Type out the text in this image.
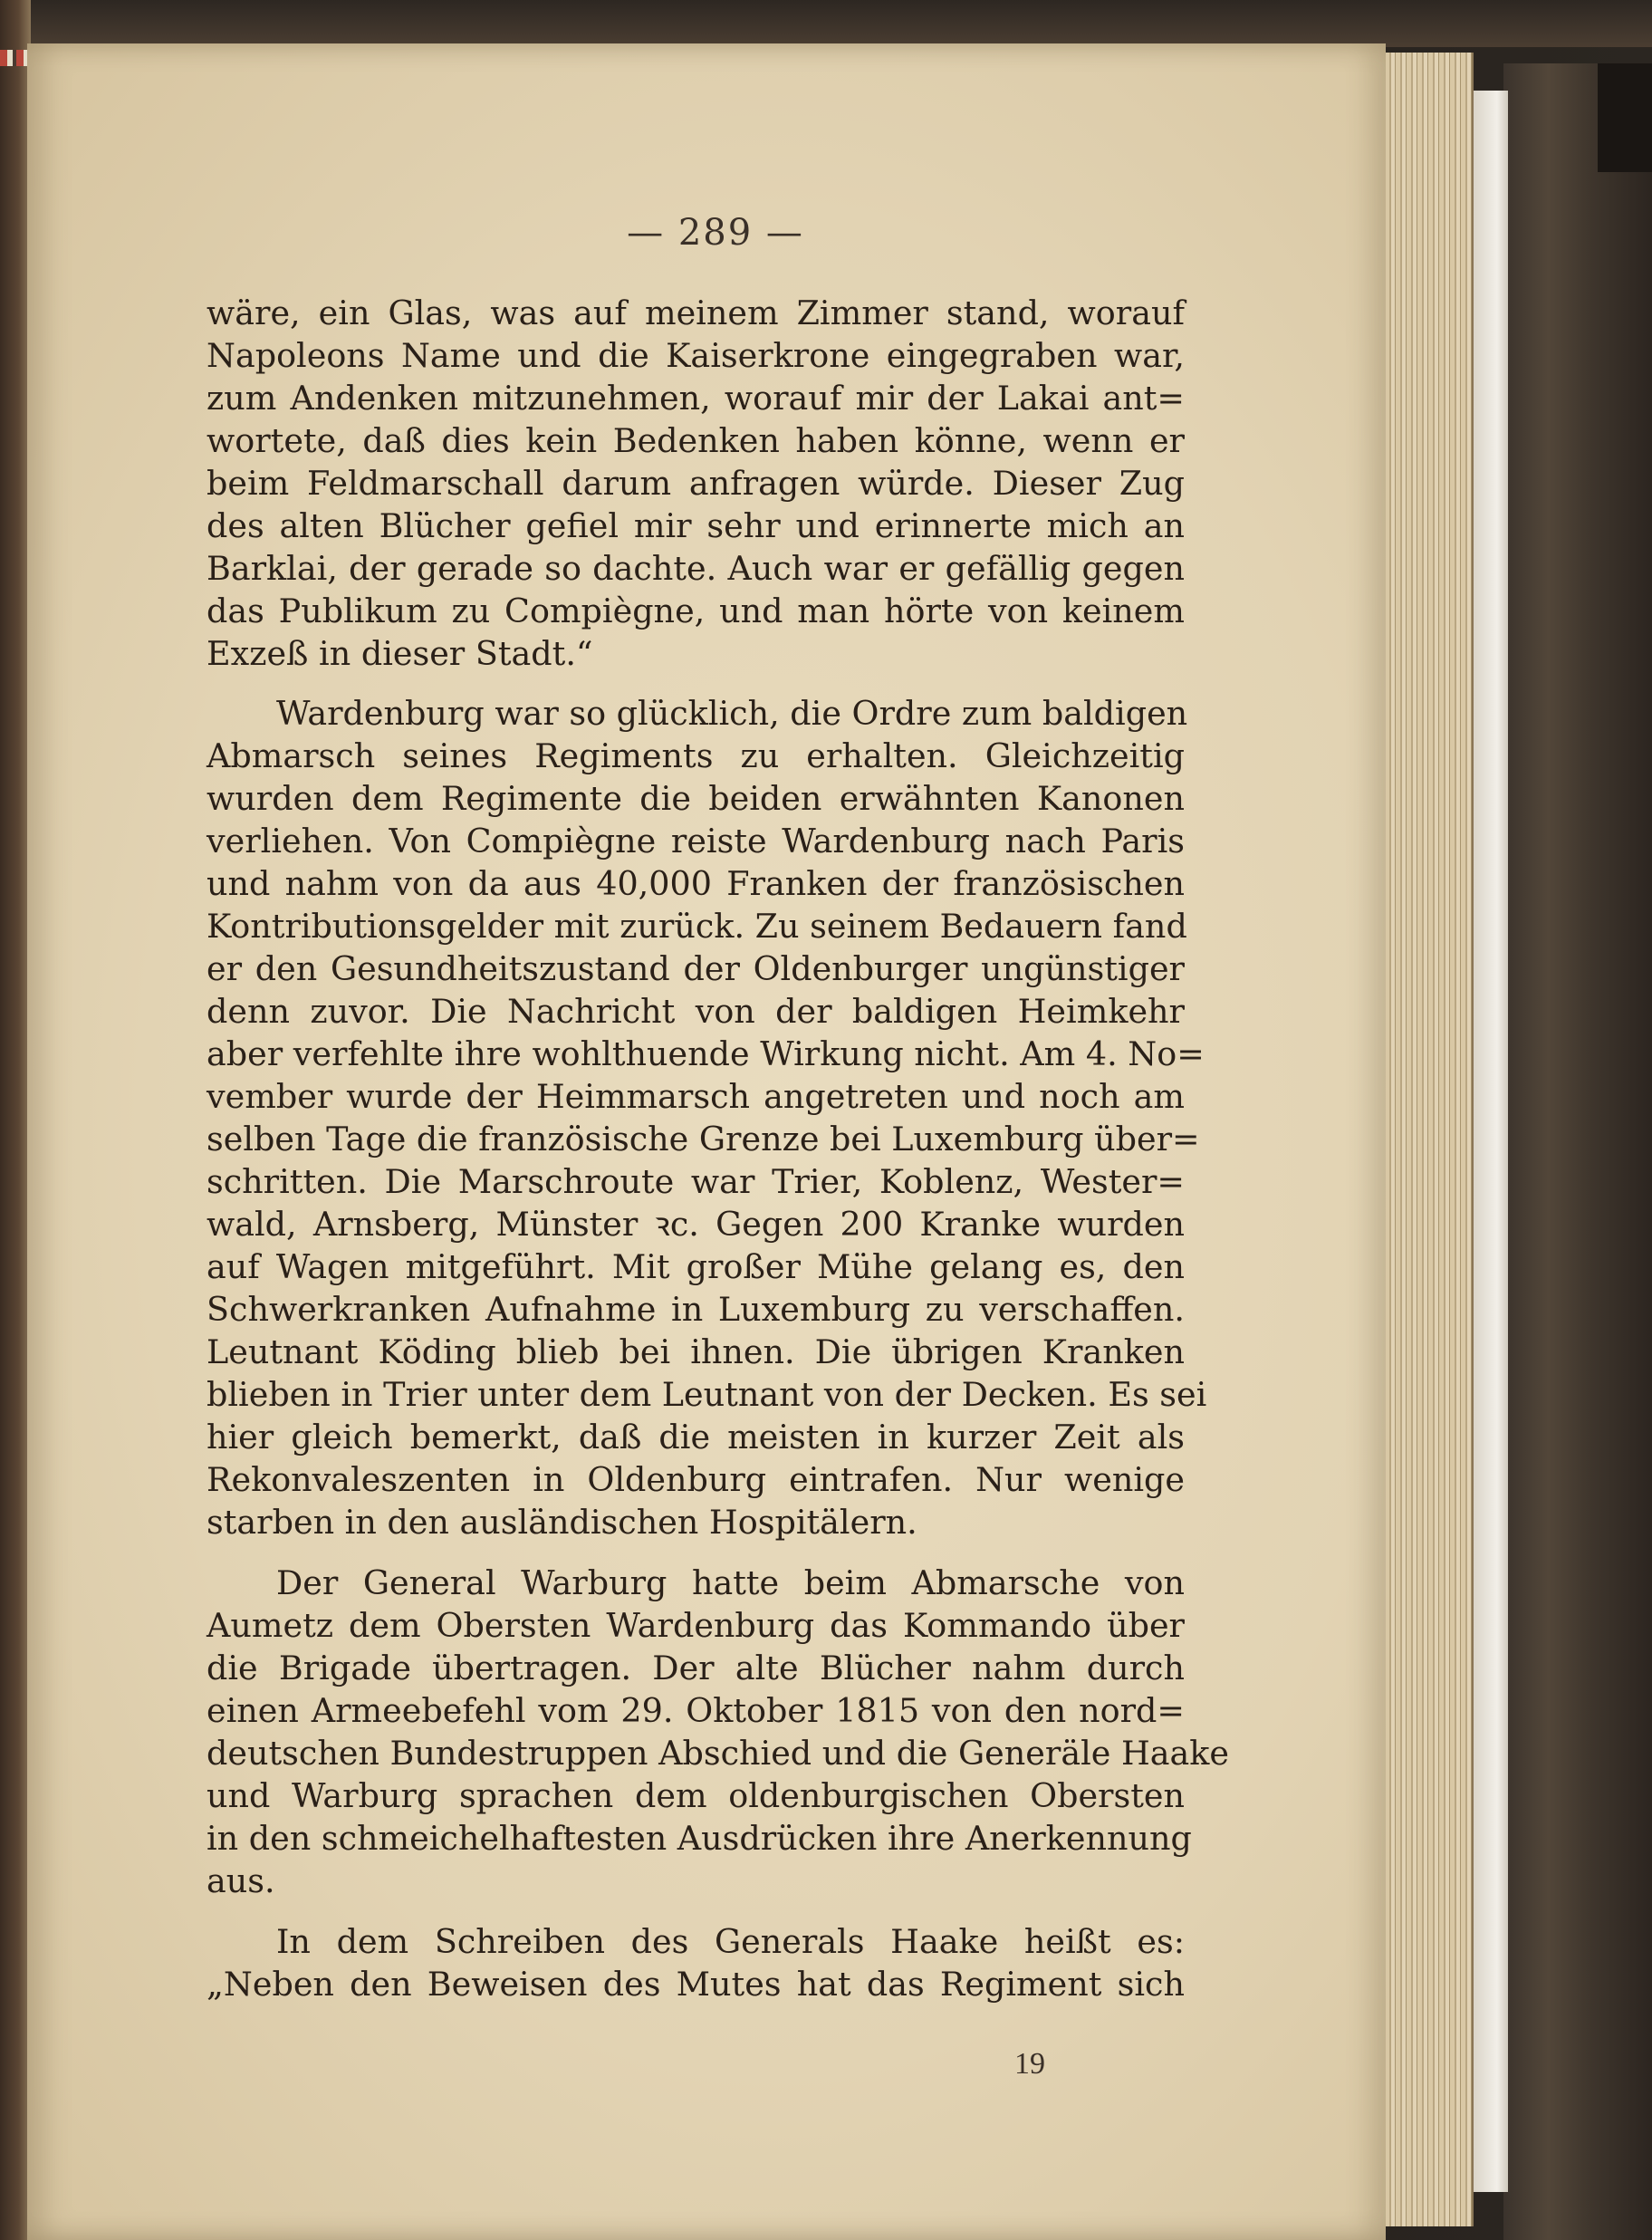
— 289 —
wäre, ein Glas, was auf meinem Zimmer stand, worauf
Napoleons Name und die Kaiserkrone eingegraben war,
zum Andenken mitzunehmen, worauf mir der Lakai ant=
wortete, daß dies kein Bedenken haben könne, wenn er
beim Feldmarschall darum anfragen würde. Dieser Zug
des alten Blücher gefiel mir sehr und erinnerte mich an
Barklai, der gerade so dachte. Auch war er gefällig gegen
das Publikum zu Compiègne, und man hörte von keinem
Exzeß in dieser Stadt.“
Wardenburg war so glücklich, die Ordre zum baldigen
Abmarsch seines Regiments zu erhalten. Gleichzeitig
wurden dem Regimente die beiden erwähnten Kanonen
verliehen. Von Compiègne reiste Wardenburg nach Paris
und nahm von da aus 40,000 Franken der französischen
Kontributionsgelder mit zurück. Zu seinem Bedauern fand
er den Gesundheitszustand der Oldenburger ungünstiger
denn zuvor. Die Nachricht von der baldigen Heimkehr
aber verfehlte ihre wohlthuende Wirkung nicht. Am 4. No=
vember wurde der Heimmarsch angetreten und noch am
selben Tage die französische Grenze bei Luxemburg über=
schritten. Die Marschroute war Trier, Koblenz, Wester=
wald, Arnsberg, Münster ꝛc. Gegen 200 Kranke wurden
auf Wagen mitgeführt. Mit großer Mühe gelang es, den
Schwerkranken Aufnahme in Luxemburg zu verschaffen.
Leutnant Köding blieb bei ihnen. Die übrigen Kranken
blieben in Trier unter dem Leutnant von der Decken. Es sei
hier gleich bemerkt, daß die meisten in kurzer Zeit als
Rekonvaleszenten in Oldenburg eintrafen. Nur wenige
starben in den ausländischen Hospitälern.
Der General Warburg hatte beim Abmarsche von
Aumetz dem Obersten Wardenburg das Kommando über
die Brigade übertragen. Der alte Blücher nahm durch
einen Armeebefehl vom 29. Oktober 1815 von den nord=
deutschen Bundestruppen Abschied und die Generäle Haake
und Warburg sprachen dem oldenburgischen Obersten
in den schmeichelhaftesten Ausdrücken ihre Anerkennung
aus.
In dem Schreiben des Generals Haake heißt es:
„Neben den Beweisen des Mutes hat das Regiment sich
19
